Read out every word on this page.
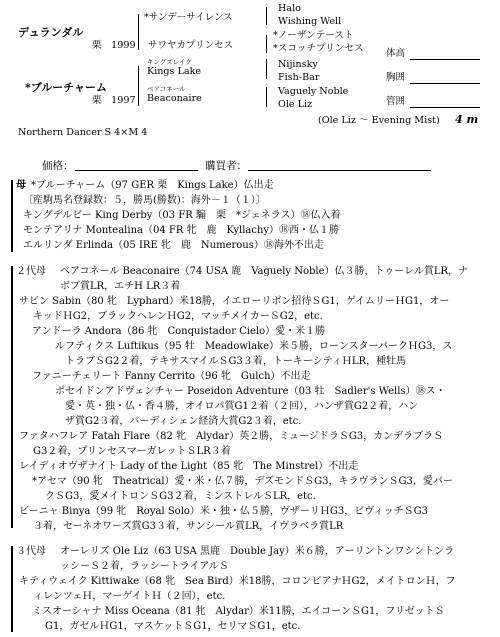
デュランダル
栗　1999
*ブルーチャーム
栗　1997
*サンデーサイレンス
サワヤカプリンセス
キングズレイク
Kings Lake
ベアコネール
Beaconaire
Halo
Wishing Well
*ノーザンテースト
*スコッチプリンセス
Nijinsky
Fish-Bar
Vaguely Noble
Ole Liz
体高
胸囲
管囲
(Ole Liz ～ Evening Mist) 4 m
Northern Dancer S 4×M 4
価格：	購買者：
母 *ブルーチャーム（97 GER 栗　Kings Lake）仏出走
〔産駒馬名登録数：５，勝馬(勝数)：海外－１（１）〕
キングデルビー King Derby（03 FR 騸　栗　*ジェネラス）⑱仏入着
モンテアリナ Montealina（04 FR 牝　鹿　Kyllachy）⑱西・仏１勝
エルリンダ Erlinda（05 IRE 牝　鹿　Numerous）⑱海外不出走
２代母 ベアコネール Beaconaire（74 USA 鹿　Vaguely Noble）仏３勝，トゥーレル賞LR，ナ
ボブ賞LR，エチH LR３着
サビン Sabin（80 牝　Lyphard）米18勝，イエローリボン招待ＳG1，ゲイムリーＨG1，オー
キッドＨG2，ブラックヘレンＨG2，マッチメイカーＳG2，etc.
アンドーラ Andora（86 牝　Conquistador Cielo）愛・米１勝
ルフティクス Luftikus（95 牡　Meadowlake）米５勝，ローンスターパークＨG3，ス
トラブＳG2２着，テキサスマイルＳG3３着，トーキーシティＨLR，種牡馬
ファニーチェリート Fanny Cerrito（96 牝　Gulch）不出走
ポセイドンアドヴェンチャー Poseidon Adventure（03 牡　Sadler's Wells）⑱ス・
愛・英・独・仏・香４勝，オイロパ賞G1２着（２回），ハンザ賞G2２着，ハン
ザ賞G2３着，バーディシェン経済大賞G2３着，etc.
ファタハフレア Fatah Flare（82 牝　Alydar）英２勝，ミュージドラＳG3，カンデラブラＳ
G3２着，プリンセスマーガレットＳLR３着
レイディオヴザナイト Lady of the Light（85 牝　The Minstrel）不出走
*アセマ（90 牝　Theatrical）愛・米・仏７勝，デズモンドＳG3，キラヴランＳG3，愛パー
クＳG3，愛メイトロンＳG3２着，ミンストレルＳLR，etc.
ビーニャ Binya（99 牝　Royal Solo）米・独・仏５勝，ヴザーリＨG3，ビヴィッチＳG3
３着，セーネオワーズ賞G3３着，サンシール賞LR，イヴラベラ賞LR
３代母 オーレリズ Ole Liz（63 USA 黒鹿　Double Jay）米６勝，アーリントンワシントンラ
ッシーＳ２着，ラッシートライアルＳ
キティウェイク Kittiwake（68 牝　Sea Bird）米18勝，コロンビアナＨG2，メイトロンＨ，フ
ィレンツェＨ，マーゲイトＨ（２回），etc.
ミスオーシャナ Miss Oceana（81 牝　Alydar）米11勝，エイコーンＳG1，フリゼットＳ
G1，ガゼルＨG1，マスケットＳG1，セリマＳG1，etc.
